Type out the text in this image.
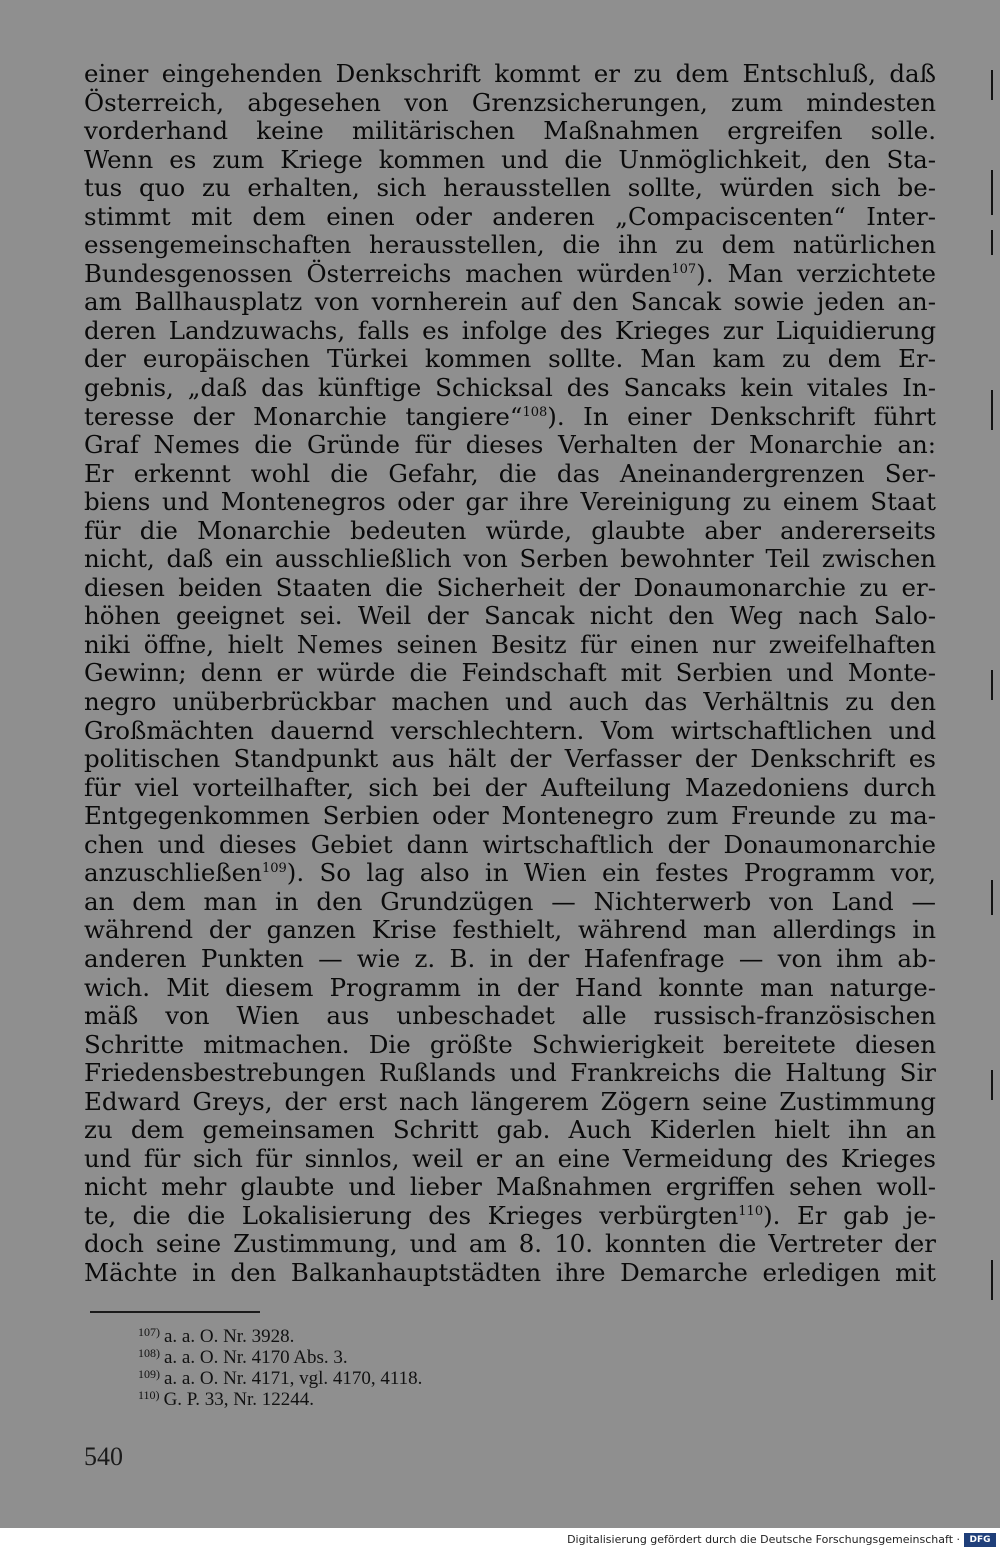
einer eingehenden Denkschrift kommt er zu dem Entschluß, daß
Österreich, abgesehen von Grenzsicherungen, zum mindesten
vorderhand keine militärischen Maßnahmen ergreifen solle.
Wenn es zum Kriege kommen und die Unmöglichkeit, den Sta-
tus quo zu erhalten, sich herausstellen sollte, würden sich be-
stimmt mit dem einen oder anderen „Compaciscenten“ Inter-
essengemeinschaften herausstellen, die ihn zu dem natürlichen
Bundesgenossen Österreichs machen würden$^{107}$). Man verzichtete
am Ballhausplatz von vornherein auf den Sancak sowie jeden an-
deren Landzuwachs, falls es infolge des Krieges zur Liquidierung
der europäischen Türkei kommen sollte. Man kam zu dem Er-
gebnis, „daß das künftige Schicksal des Sancaks kein vitales In-
teresse der Monarchie tangiere“$^{108}$). In einer Denkschrift führt
Graf Nemes die Gründe für dieses Verhalten der Monarchie an:
Er erkennt wohl die Gefahr, die das Aneinandergrenzen Ser-
biens und Montenegros oder gar ihre Vereinigung zu einem Staat
für die Monarchie bedeuten würde, glaubte aber andererseits
nicht, daß ein ausschließlich von Serben bewohnter Teil zwischen
diesen beiden Staaten die Sicherheit der Donaumonarchie zu er-
höhen geeignet sei. Weil der Sancak nicht den Weg nach Salo-
niki öffne, hielt Nemes seinen Besitz für einen nur zweifelhaften
Gewinn; denn er würde die Feindschaft mit Serbien und Monte-
negro unüberbrückbar machen und auch das Verhältnis zu den
Großmächten dauernd verschlechtern. Vom wirtschaftlichen und
politischen Standpunkt aus hält der Verfasser der Denkschrift es
für viel vorteilhafter, sich bei der Aufteilung Mazedoniens durch
Entgegenkommen Serbien oder Montenegro zum Freunde zu ma-
chen und dieses Gebiet dann wirtschaftlich der Donaumonarchie
anzuschließen$^{109}$). So lag also in Wien ein festes Programm vor,
an dem man in den Grundzügen — Nichterwerb von Land —
während der ganzen Krise festhielt, während man allerdings in
anderen Punkten — wie z. B. in der Hafenfrage — von ihm ab-
wich. Mit diesem Programm in der Hand konnte man naturge-
mäß von Wien aus unbeschadet alle russisch-französischen
Schritte mitmachen. Die größte Schwierigkeit bereitete diesen
Friedensbestrebungen Rußlands und Frankreichs die Haltung Sir
Edward Greys, der erst nach längerem Zögern seine Zustimmung
zu dem gemeinsamen Schritt gab. Auch Kiderlen hielt ihn an
und für sich für sinnlos, weil er an eine Vermeidung des Krieges
nicht mehr glaubte und lieber Maßnahmen ergriffen sehen woll-
te, die die Lokalisierung des Krieges verbürgten$^{110}$). Er gab je-
doch seine Zustimmung, und am 8. 10. konnten die Vertreter der
Mächte in den Balkanhauptstädten ihre Demarche erledigen mit
$^{107)}$ a. a. O. Nr. 3928.
$^{108)}$ a. a. O. Nr. 4170 Abs. 3.
$^{109)}$ a. a. O. Nr. 4171, vgl. 4170, 4118.
$^{110)}$ G. P. 33, Nr. 12244.
540
Digitalisierung gefördert durch die Deutsche Forschungsgemeinschaft ·	DFG
